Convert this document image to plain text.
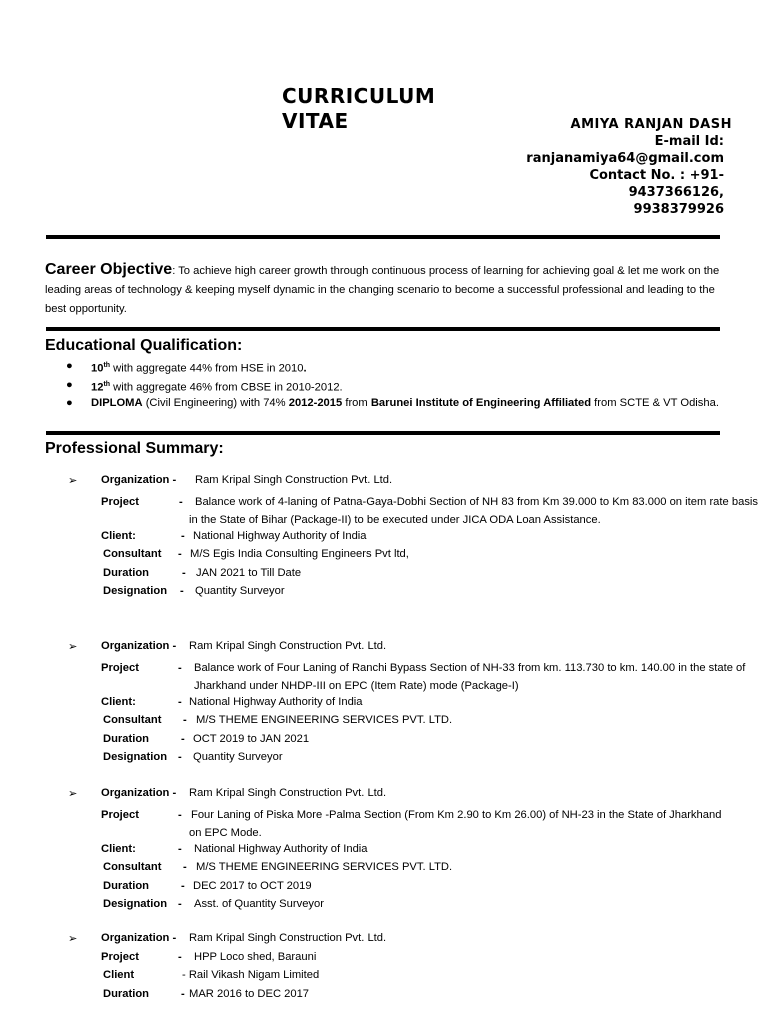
CURRICULUM
VITAE	AMIYA RANJAN DASH
E-mail Id:
ranjanamiya64@gmail.com
Contact No. : +91-
9437366126,
9938379926
Career Objective: To achieve high career growth through continuous process of learning for achieving goal & let me work on the leading areas of technology & keeping myself dynamic in the changing scenario to become a successful professional and leading to the best opportunity.
Educational Qualification:
● 10th with aggregate 44% from HSE in 2010.
● 12th with aggregate 46% from CBSE in 2010-2012.
● DIPLOMA (Civil Engineering) with 74% 2012-2015 from Barunei Institute of Engineering Affiliated from SCTE & VT Odisha.
Professional Summary:
➢ Organization - Ram Kripal Singh Construction Pvt. Ltd.
Project	-	Balance work of 4-laning of Patna-Gaya-Dobhi Section of NH 83 from Km 39.000 to Km 83.000 on item rate basis in the State of Bihar (Package-II) to be executed under JICA ODA Loan Assistance.
Client:	- National Highway Authority of India
Consultant - M/S Egis India Consulting Engineers Pvt ltd,
Duration	- JAN 2021 to Till Date
Designation - Quantity Surveyor
➢ Organization - Ram Kripal Singh Construction Pvt. Ltd.
Project	-	Balance work of Four Laning of Ranchi Bypass Section of NH-33 from km. 113.730 to km. 140.00 in the state of Jharkhand under NHDP-III on EPC (Item Rate) mode (Package-I)
Client:	- National Highway Authority of India
Consultant - M/S THEME ENGINEERING SERVICES PVT. LTD.
Duration	- OCT 2019 to JAN 2021
Designation - Quantity Surveyor
➢ Organization - Ram Kripal Singh Construction Pvt. Ltd.
Project	- Four Laning of Piska More -Palma Section (From Km 2.90 to Km 26.00) of NH-23 in the State of Jharkhand on EPC Mode.
Client:	- National Highway Authority of India
Consultant - M/S THEME ENGINEERING SERVICES PVT. LTD.
Duration	- DEC 2017 to OCT 2019
Designation - Asst. of Quantity Surveyor
➢ Organization - Ram Kripal Singh Construction Pvt. Ltd.
Project	- HPP Loco shed, Barauni
Client	- Rail Vikash Nigam Limited
Duration	- MAR 2016 to DEC 2017
